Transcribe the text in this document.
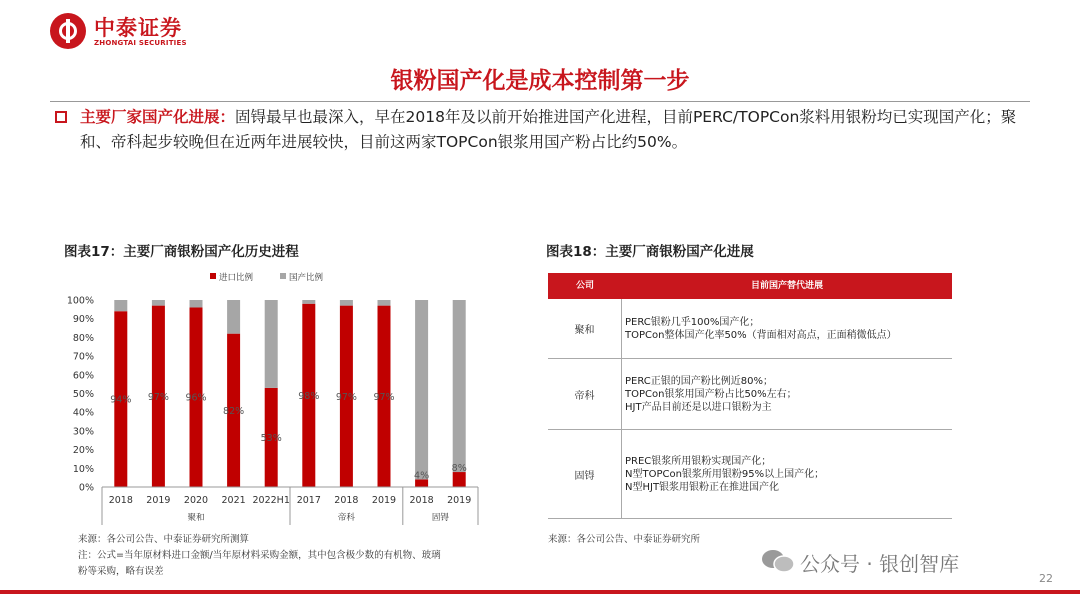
中泰证券
ZHONGTAI SECURITIES
银粉国产化是成本控制第一步
主要厂家国产化进展：固锝最早也最深入，早在2018年及以前开始推进国产化进程，目前PERC/TOPCon浆料用银粉均已实现国产化；聚和、帝科起步较晚但在近两年进展较快，目前这两家TOPCon银浆用国产粉占比约50%。
图表17：主要厂商银粉国产化历史进程
进口比例	国产比例
0%
10%
20%
30%
40%
50%
60%
70%
80%
90%
100%
94% 97% 96%
82%
53%
98% 97% 97%
4%
8%
2018 2019 2020 2021 2022H1 2017 2018 2019 2018 2019
聚和	帝科	固锝
来源：各公司公告、中泰证券研究所测算
注：公式=当年原材料进口金额/当年原材料采购金额，其中包含极少数的有机物、玻璃
粉等采购，略有误差
图表18：主要厂商银粉国产化进展
公司	目前国产替代进展
聚和
PERC银粉几乎100%国产化；
TOPCon整体国产化率50%（背面相对高点，正面稍微低点）
帝科
PERC正银的国产粉比例近80%；
TOPCon银浆用国产粉占比50%左右；
HJT产品目前还是以进口银粉为主
固锝
PREC银浆所用银粉实现国产化；
N型TOPCon银浆所用银粉95%以上国产化；
N型HJT银浆用银粉正在推进国产化
来源：各公司公告、中泰证券研究所
公众号 · 银创智库
22
